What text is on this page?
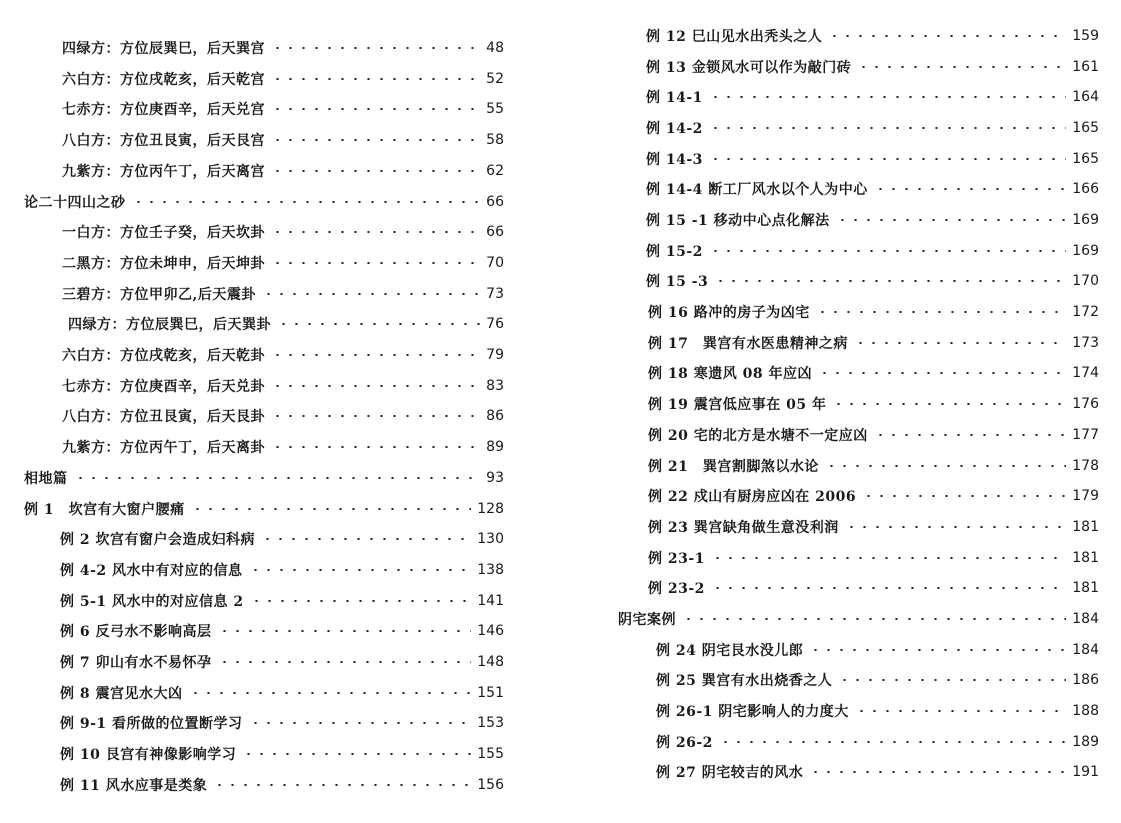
四绿方：方位辰巽巳，后天巽宫	48
六白方：方位戌乾亥，后天乾宫	52
七赤方：方位庚酉辛，后天兑宫	55
八白方：方位丑艮寅，后天艮宫	58
九紫方：方位丙午丁，后天离宫	62
论二十四山之砂	66
一白方：方位壬子癸，后天坎卦	66
二黑方：方位未坤申，后天坤卦	70
三碧方：方位甲卯乙,后天震卦	73
四绿方：方位辰巽巳，后天巽卦	76
六白方：方位戌乾亥，后天乾卦	79
七赤方：方位庚酉辛，后天兑卦	83
八白方：方位丑艮寅，后天艮卦	86
九紫方：方位丙午丁，后天离卦	89
相地篇	93
例 1　坎宫有大窗户腰痛	128
例 2 坎宫有窗户会造成妇科病	130
例 4-2 风水中有对应的信息	138
例 5-1 风水中的对应信息 2	141
例 6 反弓水不影响高层	146
例 7 卯山有水不易怀孕	148
例 8 震宫见水大凶	151
例 9-1 看所做的位置断学习	153
例 10 艮宫有神像影响学习	155
例 11 风水应事是类象	156
例 12 巳山见水出秃头之人	159
例 13 金锁风水可以作为敲门砖	161
例 14-1	164
例 14-2	165
例 14-3	165
例 14-4 断工厂风水以个人为中心	166
例 15 -1 移动中心点化解法	169
例 15-2	169
例 15 -3	170
例 16 路冲的房子为凶宅	172
例 17　巽宫有水医患精神之病	173
例 18 寒遗风 08 年应凶	174
例 19 震宫低应事在 05 年	176
例 20 宅的北方是水塘不一定应凶	177
例 21　巽宫割脚煞以水论	178
例 22 戍山有厨房应凶在 2006	179
例 23 巽宫缺角做生意没利润	181
例 23-1	181
例 23-2	181
阴宅案例	184
例 24 阴宅艮水没儿郎	184
例 25 巽宫有水出烧香之人	186
例 26-1 阴宅影响人的力度大	188
例 26-2	189
例 27 阴宅较吉的风水	191
